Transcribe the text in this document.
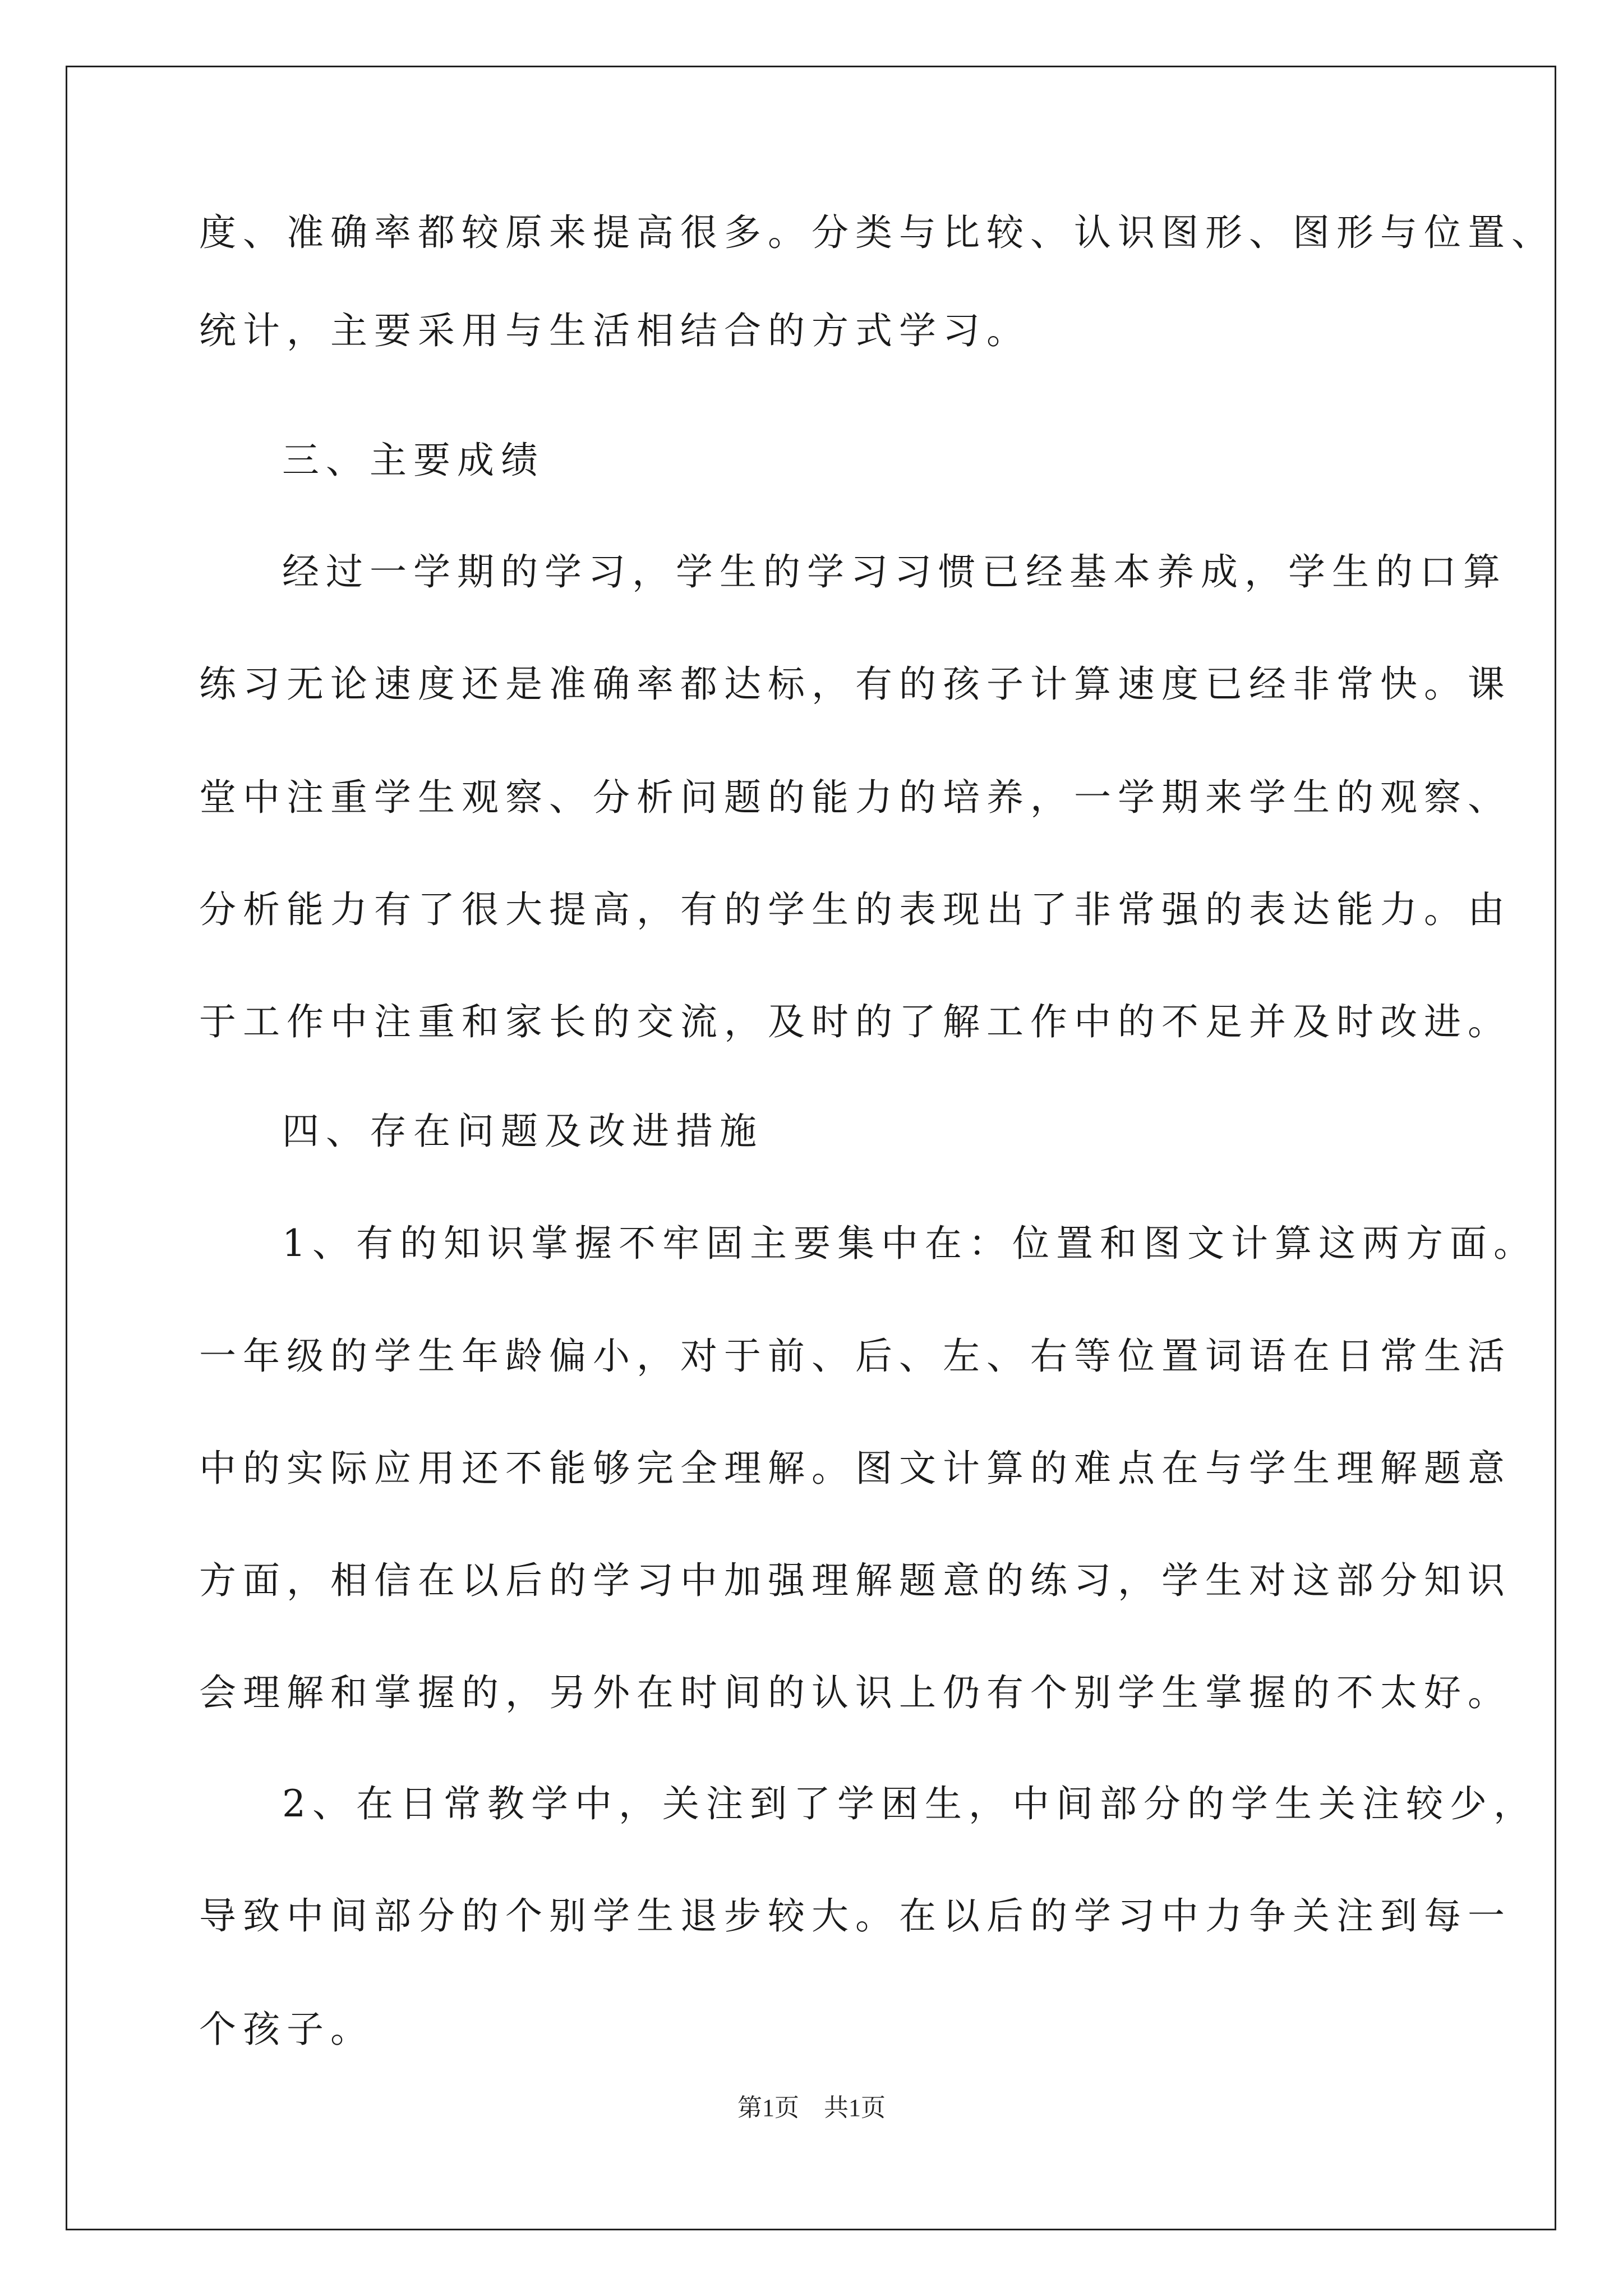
度、准确率都较原来提高很多。分类与比较、认识图形、图形与位置、
统计，主要采用与生活相结合的方式学习。
三、主要成绩
经过一学期的学习，学生的学习习惯已经基本养成，学生的口算
练习无论速度还是准确率都达标，有的孩子计算速度已经非常快。课
堂中注重学生观察、分析问题的能力的培养，一学期来学生的观察、
分析能力有了很大提高，有的学生的表现出了非常强的表达能力。由
于工作中注重和家长的交流，及时的了解工作中的不足并及时改进。
四、存在问题及改进措施
1、有的知识掌握不牢固主要集中在：位置和图文计算这两方面。
一年级的学生年龄偏小，对于前、后、左、右等位置词语在日常生活
中的实际应用还不能够完全理解。图文计算的难点在与学生理解题意
方面，相信在以后的学习中加强理解题意的练习，学生对这部分知识
会理解和掌握的，另外在时间的认识上仍有个别学生掌握的不太好。
2、在日常教学中，关注到了学困生，中间部分的学生关注较少，
导致中间部分的个别学生退步较大。在以后的学习中力争关注到每一
个孩子。
第1页　共1页
